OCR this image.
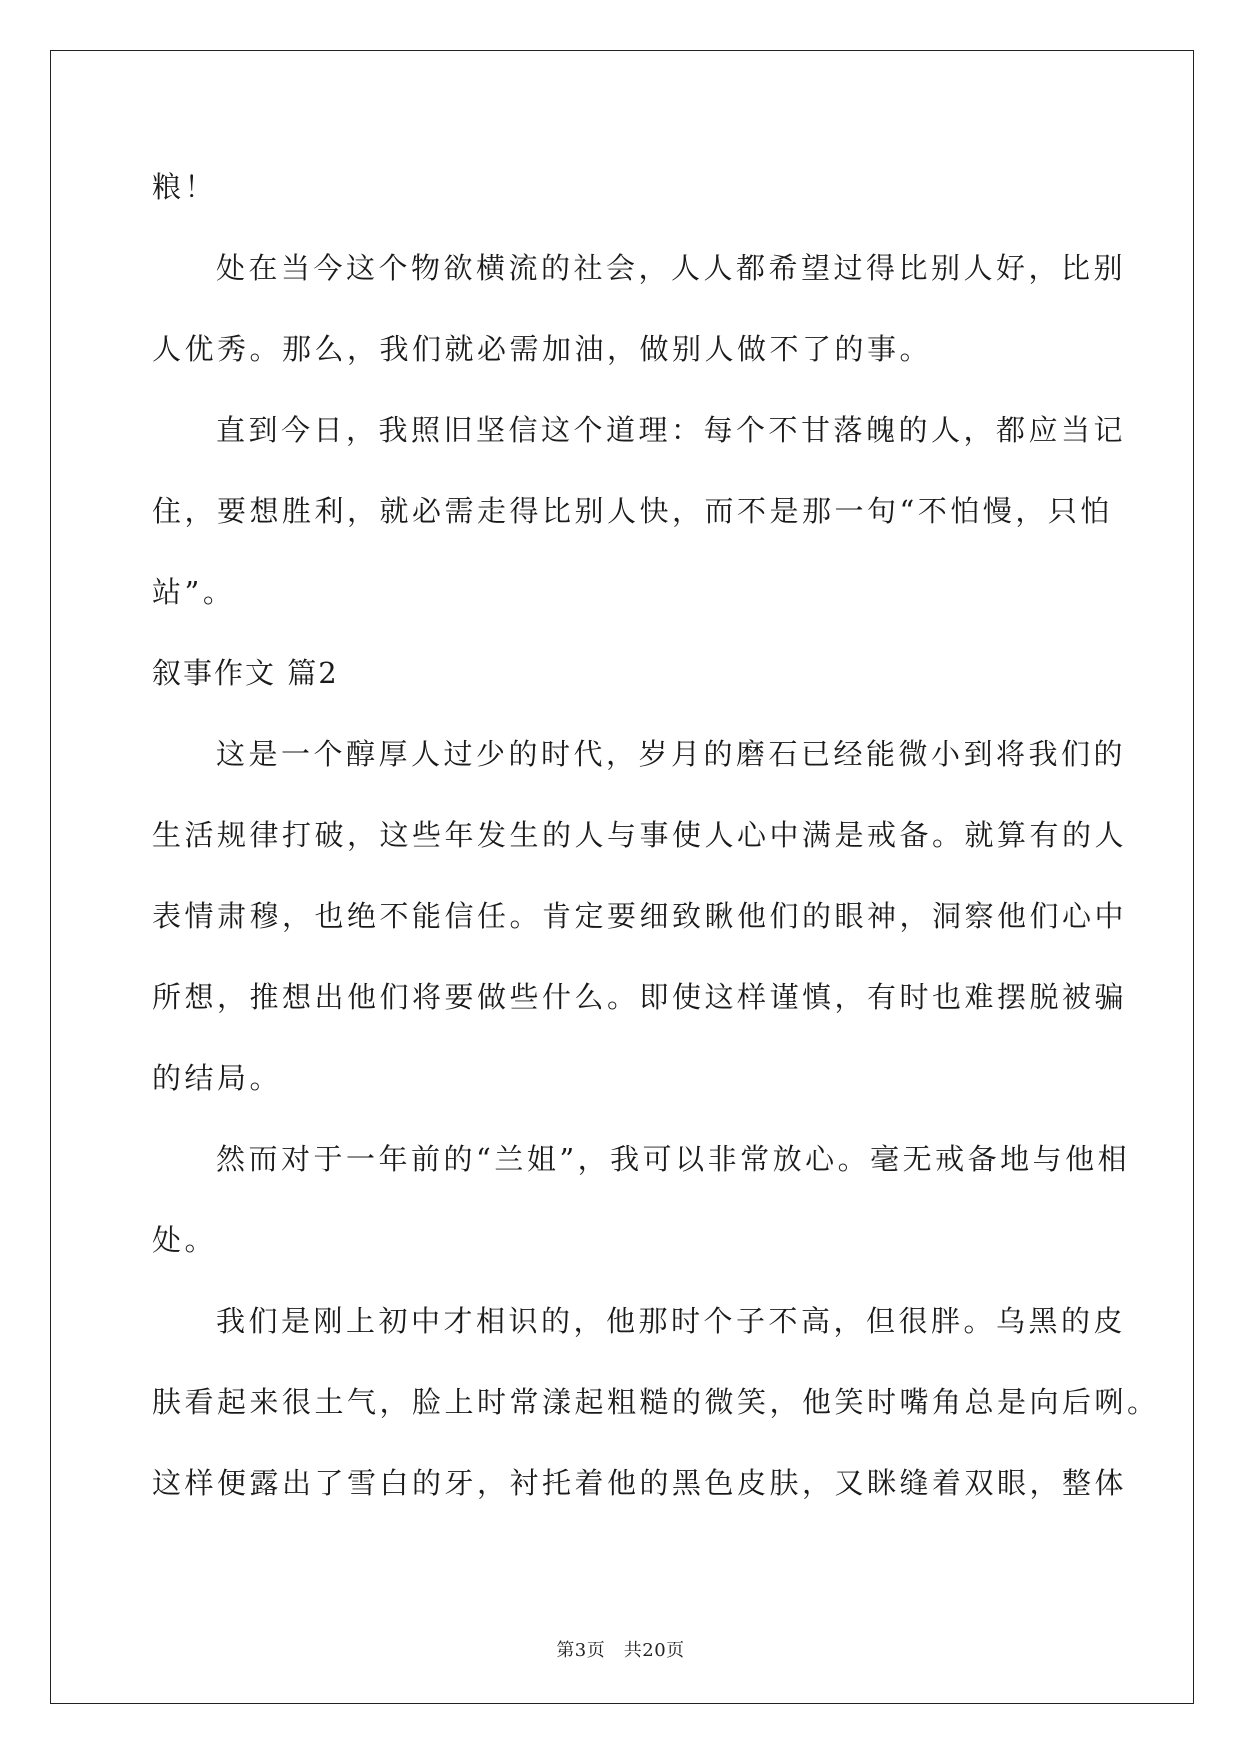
粮！
处在当今这个物欲横流的社会，人人都希望过得比别人好，比别
人优秀。那么，我们就必需加油，做别人做不了的事。
直到今日，我照旧坚信这个道理：每个不甘落魄的人，都应当记
住，要想胜利，就必需走得比别人快，而不是那一句“不怕慢，只怕
站”。
叙事作文 篇2
这是一个醇厚人过少的时代，岁月的磨石已经能微小到将我们的
生活规律打破，这些年发生的人与事使人心中满是戒备。就算有的人
表情肃穆，也绝不能信任。肯定要细致瞅他们的眼神，洞察他们心中
所想，推想出他们将要做些什么。即使这样谨慎，有时也难摆脱被骗
的结局。
然而对于一年前的“兰姐”，我可以非常放心。毫无戒备地与他相
处。
我们是刚上初中才相识的，他那时个子不高，但很胖。乌黑的皮
肤看起来很土气，脸上时常漾起粗糙的微笑，他笑时嘴角总是向后咧。
这样便露出了雪白的牙，衬托着他的黑色皮肤，又眯缝着双眼，整体
第3页　共20页
